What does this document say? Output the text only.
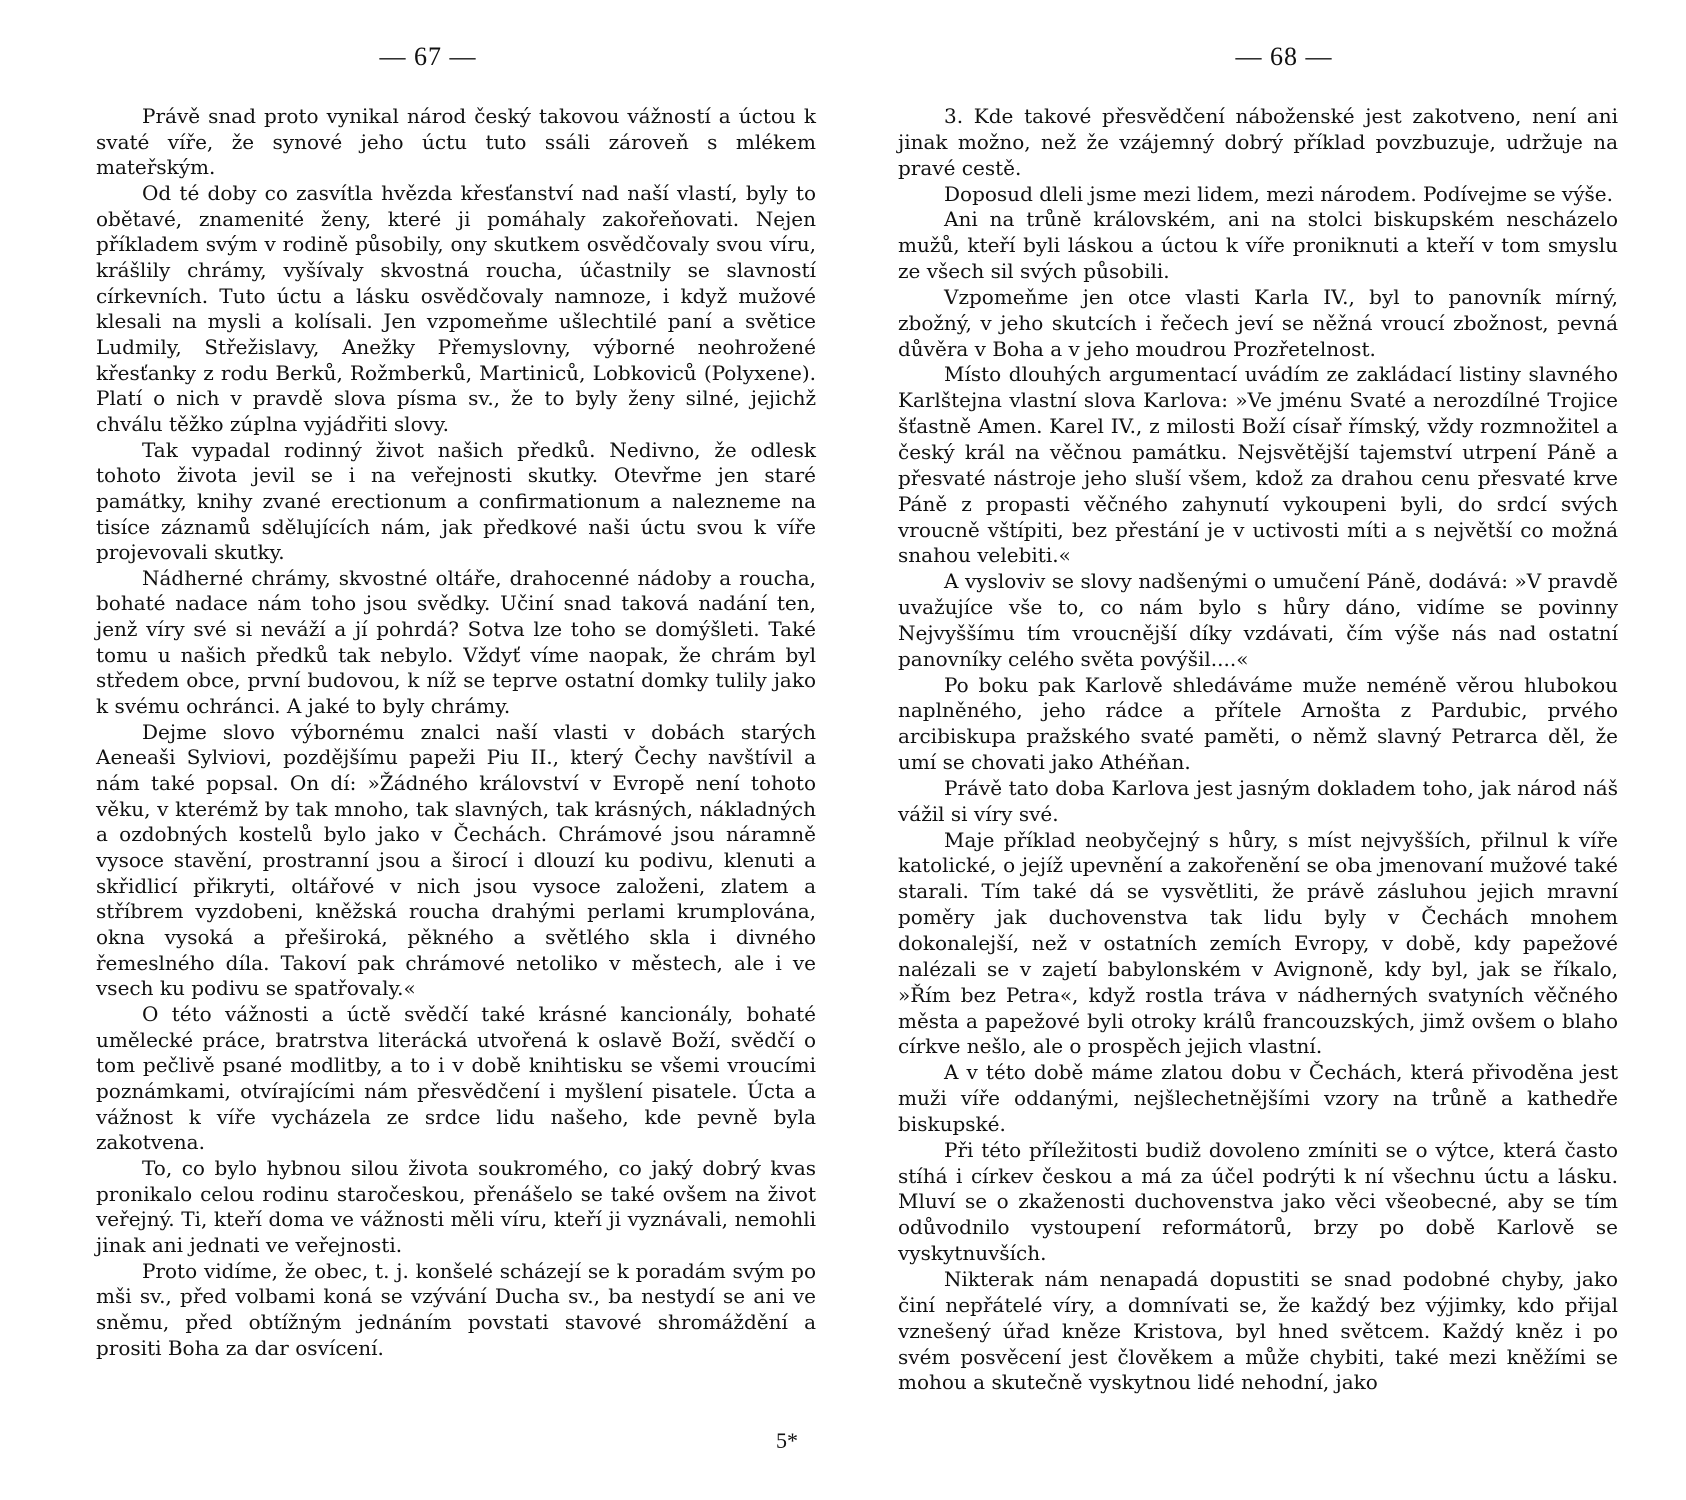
— 67 —

Právě snad proto vynikal národ český takovou vážností a úctou k svaté víře, že synové jeho úctu tuto ssáli zároveň s mlékem mateřským.

Od té doby co zasvítla hvězda křesťanství nad naší vlastí, byly to obětavé, znamenité ženy, které ji pomáhaly zakořeňovati. Nejen příkladem svým v rodině působily, ony skutkem osvědčovaly svou víru, krášlily chrámy, vyšívaly skvostná roucha, účastnily se slavností církevních. Tuto úctu a lásku osvědčovaly namnoze, i když mužové klesali na mysli a kolísali. Jen vzpomeňme ušlechtilé paní a světice Ludmily, Střežislavy, Anežky Přemyslovny, výborné neohrožené křesťanky z rodu Berků, Rožmberků, Martiniců, Lobkoviců (Polyxene). Platí o nich v pravdě slova písma sv., že to byly ženy silné, jejichž chválu těžko zúplna vyjádřiti slovy.

Tak vypadal rodinný život našich předků. Nedivno, že odlesk tohoto života jevil se i na veřejnosti skutky. Otevřme jen staré památky, knihy zvané erectionum a confirmationum a nalezneme na tisíce záznamů sdělujících nám, jak předkové naši úctu svou k víře projevovali skutky.

Nádherné chrámy, skvostné oltáře, drahocenné nádoby a roucha, bohaté nadace nám toho jsou svědky. Učiní snad taková nadání ten, jenž víry své si neváží a jí pohrdá? Sotva lze toho se domýšleti. Také tomu u našich předků tak nebylo. Vždyť víme naopak, že chrám byl středem obce, první budovou, k níž se teprve ostatní domky tulily jako k svému ochránci. A jaké to byly chrámy.

Dejme slovo výbornému znalci naší vlasti v dobách starých Aeneaši Sylviovi, pozdějšímu papeži Piu II., který Čechy navštívil a nám také popsal. On dí: »Žádného království v Evropě není tohoto věku, v kterémž by tak mnoho, tak slavných, tak krásných, nákladných a ozdobných kostelů bylo jako v Čechách. Chrámové jsou náramně vysoce stavění, prostranní jsou a širocí i dlouzí ku podivu, klenuti a skřidlicí přikryti, oltářové v nich jsou vysoce založeni, zlatem a stříbrem vyzdobeni, kněžská roucha drahými perlami krumplována, okna vysoká a přeširoká, pěkného a světlého skla i divného řemeslného díla. Takoví pak chrámové netoliko v městech, ale i ve vsech ku podivu se spatřovaly.«

O této vážnosti a úctě svědčí také krásné kancionály, bohaté umělecké práce, bratrstva literácká utvořená k oslavě Boží, svědčí o tom pečlivě psané modlitby, a to i v době knihtisku se všemi vroucími poznámkami, otvírajícími nám přesvědčení i myšlení pisatele. Úcta a vážnost k víře vycházela ze srdce lidu našeho, kde pevně byla zakotvena.

To, co bylo hybnou silou života soukromého, co jaký dobrý kvas pronikalo celou rodinu staročeskou, přenášelo se také ovšem na život veřejný. Ti, kteří doma ve vážnosti měli víru, kteří ji vyznávali, nemohli jinak ani jednati ve veřejnosti.

Proto vidíme, že obec, t. j. konšelé scházejí se k poradám svým po mši sv., před volbami koná se vzývání Ducha sv., ba nestydí se ani ve sněmu, před obtížným jednáním povstati stavové shromáždění a prositi Boha za dar osvícení.

5*
— 68 —

3. Kde takové přesvědčení náboženské jest zakotveno, není ani jinak možno, než že vzájemný dobrý příklad povzbuzuje, udržuje na pravé cestě.

Doposud dleli jsme mezi lidem, mezi národem. Podívejme se výše.

Ani na trůně královském, ani na stolci biskupském nescházelo mužů, kteří byli láskou a úctou k víře proniknuti a kteří v tom smyslu ze všech sil svých působili.

Vzpomeňme jen otce vlasti Karla IV., byl to panovník mírný, zbožný, v jeho skutcích i řečech jeví se něžná vroucí zbožnost, pevná důvěra v Boha a v jeho moudrou Prozřetelnost.

Místo dlouhých argumentací uvádím ze zakládací listiny slavného Karlštejna vlastní slova Karlova: »Ve jménu Svaté a nerozdílné Trojice šťastně Amen. Karel IV., z milosti Boží císař římský, vždy rozmnožitel a český král na věčnou památku. Nejsvětější tajemství utrpení Páně a přesvaté nástroje jeho sluší všem, kdož za drahou cenu přesvaté krve Páně z propasti věčného zahynutí vykoupeni byli, do srdcí svých vroucně vštípiti, bez přestání je v uctivosti míti a s největší co možná snahou velebiti.«

A vysloviv se slovy nadšenými o umučení Páně, dodává: »V pravdě uvažujíce vše to, co nám bylo s hůry dáno, vidíme se povinny Nejvyššímu tím vroucnější díky vzdávati, čím výše nás nad ostatní panovníky celého světa povýšil....«

Po boku pak Karlově shledáváme muže neméně věrou hlubokou naplněného, jeho rádce a přítele Arnošta z Pardubic, prvého arcibiskupa pražského svaté paměti, o němž slavný Petrarca děl, že umí se chovati jako Athéňan.

Právě tato doba Karlova jest jasným dokladem toho, jak národ náš vážil si víry své.

Maje příklad neobyčejný s hůry, s míst nejvyšších, přilnul k víře katolické, o jejíž upevnění a zakořenění se oba jmenovaní mužové také starali. Tím také dá se vysvětliti, že právě zásluhou jejich mravní poměry jak duchovenstva tak lidu byly v Čechách mnohem dokonalejší, než v ostatních zemích Evropy, v době, kdy papežové nalézali se v zajetí babylonském v Avignoně, kdy byl, jak se říkalo, »Řím bez Petra«, když rostla tráva v nádherných svatyních věčného města a papežové byli otroky králů francouzských, jimž ovšem o blaho církve nešlo, ale o prospěch jejich vlastní.

A v této době máme zlatou dobu v Čechách, která přivoděna jest muži víře oddanými, nejšlechetnějšími vzory na trůně a kathedře biskupské.

Při této příležitosti budiž dovoleno zmíniti se o výtce, která často stíhá i církev českou a má za účel podrýti k ní všechnu úctu a lásku. Mluví se o zkaženosti duchovenstva jako věci všeobecné, aby se tím odůvodnilo vystoupení reformátorů, brzy po době Karlově se vyskytnuvších.

Nikterak nám nenapadá dopustiti se snad podobné chyby, jako činí nepřátelé víry, a domnívati se, že každý bez výjimky, kdo přijal vznešený úřad kněze Kristova, byl hned světcem. Každý kněz i po svém posvěcení jest člověkem a může chybiti, také mezi kněžími se mohou a skutečně vyskytnou lidé nehodní, jako
